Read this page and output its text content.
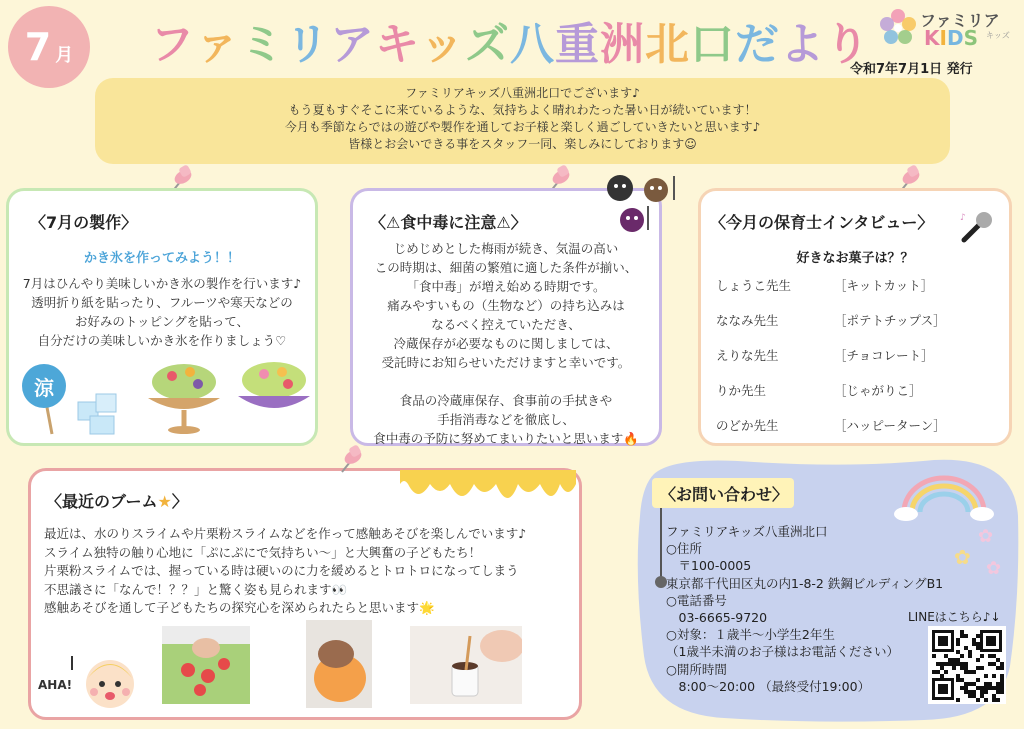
7 月 フ ァ ミ リ ア キ ッ ズ 八 重 洲 北 口 だ よ り	ファミリア
KIDS キッズ
令和7年7月1日 発行
ファミリアキッズ八重洲北口でございます♪
もう夏もすぐそこに来ているような、気持ちよく晴れわたった暑い日が続いています！
今月も季節ならではの遊びや製作を通してお子様と楽しく過ごしていきたいと思います♪
皆様とお会いできる事をスタッフ一同、楽しみにしております☺
〈7月の製作〉
かき氷を作ってみよう！！
7月はひんやり美味しいかき氷の製作を行います♪
透明折り紙を貼ったり、フルーツや寒天などの
お好みのトッピングを貼って、
自分だけの美味しいかき氷を作りましょう♡
涼
〈⚠食中毒に注意⚠〉
じめじめとした梅雨が続き、気温の高い
この時期は、細菌の繁殖に適した条件が揃い、
「食中毒」が増え始める時期です。
痛みやすいもの（生物など）の持ち込みは
なるべく控えていただき、
冷蔵保存が必要なものに関しましては、
受託時にお知らせいただけますと幸いです。

食品の冷蔵庫保存、食事前の手拭きや
手指消毒などを徹底し、
食中毒の予防に努めてまいりたいと思います🔥
〈今月の保育士インタビュー〉	♪
好きなお菓子は？？
しょうこ先生	［キットカット］
ななみ先生	［ポテトチップス］
えりな先生	［チョコレート］
りか先生	［じゃがりこ］
のどか先生	［ハッピーターン］
〈最近のブーム★〉
最近は、水のりスライムや片栗粉スライムなどを作って感触あそびを楽しんでいます♪
スライム独特の触り心地に「ぷにぷにで気持ちい〜」と大興奮の子どもたち！
片栗粉スライムでは、握っている時は硬いのに力を緩めるとトロトロになってしまう
不思議さに「なんで！？？」と驚く姿も見られます👀
感触あそびを通して子どもたちの探究心を深められたらと思います🌟
AHA!
✿
✿ ✿
〈お問い合わせ〉
ファミリアキッズ八重洲北口
○住所
　〒100-0005
東京都千代田区丸の内1-8-2 鉄鋼ビルディングB1
○電話番号
　03-6665-9720
○対象：１歳半〜小学生2年生
（1歳半未満のお子様はお電話ください）
○開所時間
　8:00〜20:00 （最終受付19:00）
LINEはこちら♪↓
